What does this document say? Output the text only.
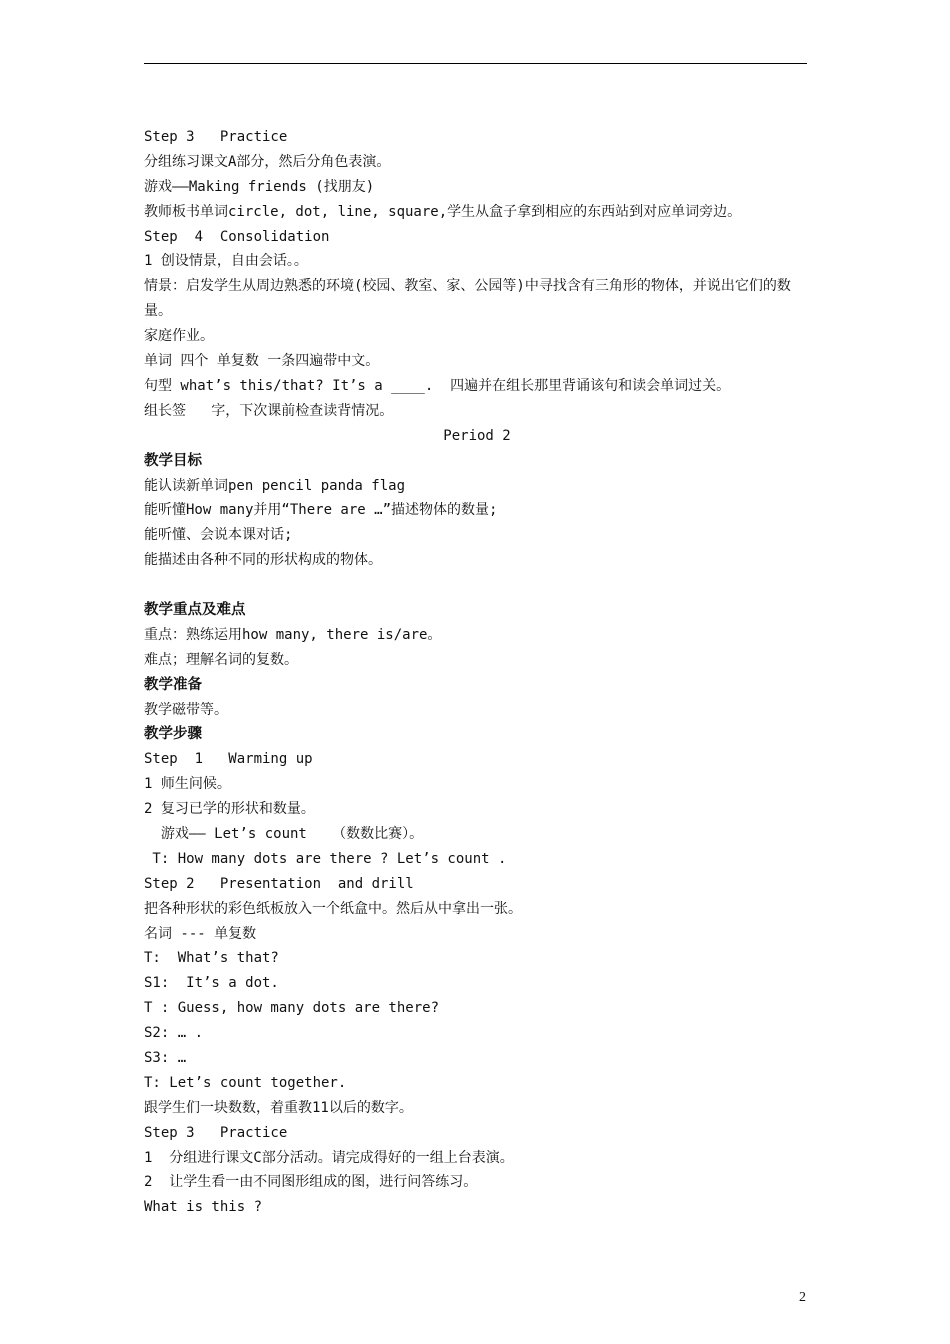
Step 3   Practice
分组练习课文A部分，然后分角色表演。
游戏——Making friends (找朋友)
教师板书单词circle, dot, line, square,学生从盒子拿到相应的东西站到对应单词旁边。
Step  4  Consolidation
1 创设情景，自由会话。。
情景：启发学生从周边熟悉的环境(校园、教室、家、公园等)中寻找含有三角形的物体，并说出它们的数量。
家庭作业。
单词 四个 单复数 一条四遍带中文。
句型 what’s this/that? It’s a ____.  四遍并在组长那里背诵该句和读会单词过关。
组长签   字，下次课前检查读背情况。
Period 2
教学目标
能认读新单词pen pencil panda flag
能听懂How many并用“There are …”描述物体的数量;
能听懂、会说本课对话;
能描述由各种不同的形状构成的物体。
教学重点及难点
重点：熟练运用how many, there is/are。
难点；理解名词的复数。
教学准备
教学磁带等。
教学步骤
Step  1   Warming up
1 师生问候。
2 复习已学的形状和数量。
游戏—— Let’s count   （数数比赛）。
T: How many dots are there ? Let’s count .
Step 2   Presentation  and drill
把各种形状的彩色纸板放入一个纸盒中。然后从中拿出一张。
名词 --- 单复数
T:  What’s that?
S1:  It’s a dot.
T : Guess, how many dots are there?
S2: … .
S3: …
T: Let’s count together.
跟学生们一块数数，着重教11以后的数字。
Step 3   Practice
1  分组进行课文C部分活动。请完成得好的一组上台表演。
2  让学生看一由不同图形组成的图，进行问答练习。
What is this ?
2
